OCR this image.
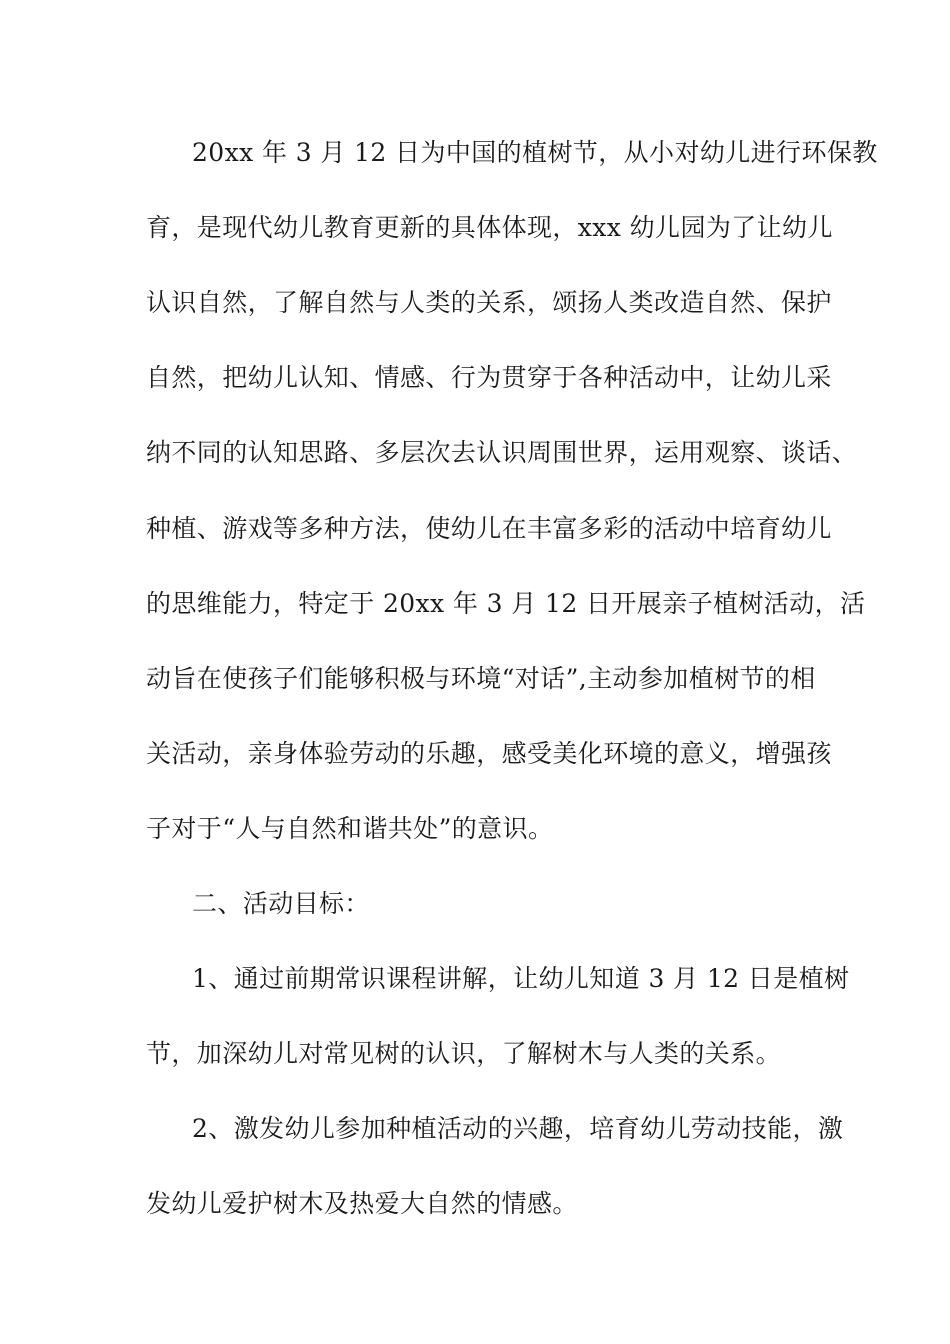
20xx 年 3 月 12 日为中国的植树节，从小对幼儿进行环保教
育，是现代幼儿教育更新的具体体现，xxx 幼儿园为了让幼儿
认识自然，了解自然与人类的关系，颂扬人类改造自然、保护
自然，把幼儿认知、情感、行为贯穿于各种活动中，让幼儿采
纳不同的认知思路、多层次去认识周围世界，运用观察、谈话、
种植、游戏等多种方法，使幼儿在丰富多彩的活动中培育幼儿
的思维能力，特定于 20xx 年 3 月 12 日开展亲子植树活动，活
动旨在使孩子们能够积极与环境“对话”,主动参加植树节的相
关活动，亲身体验劳动的乐趣，感受美化环境的意义，增强孩
子对于“人与自然和谐共处”的意识。
二、活动目标：
1、通过前期常识课程讲解，让幼儿知道 3 月 12 日是植树
节，加深幼儿对常见树的认识，了解树木与人类的关系。
2、激发幼儿参加种植活动的兴趣，培育幼儿劳动技能，激
发幼儿爱护树木及热爱大自然的情感。
